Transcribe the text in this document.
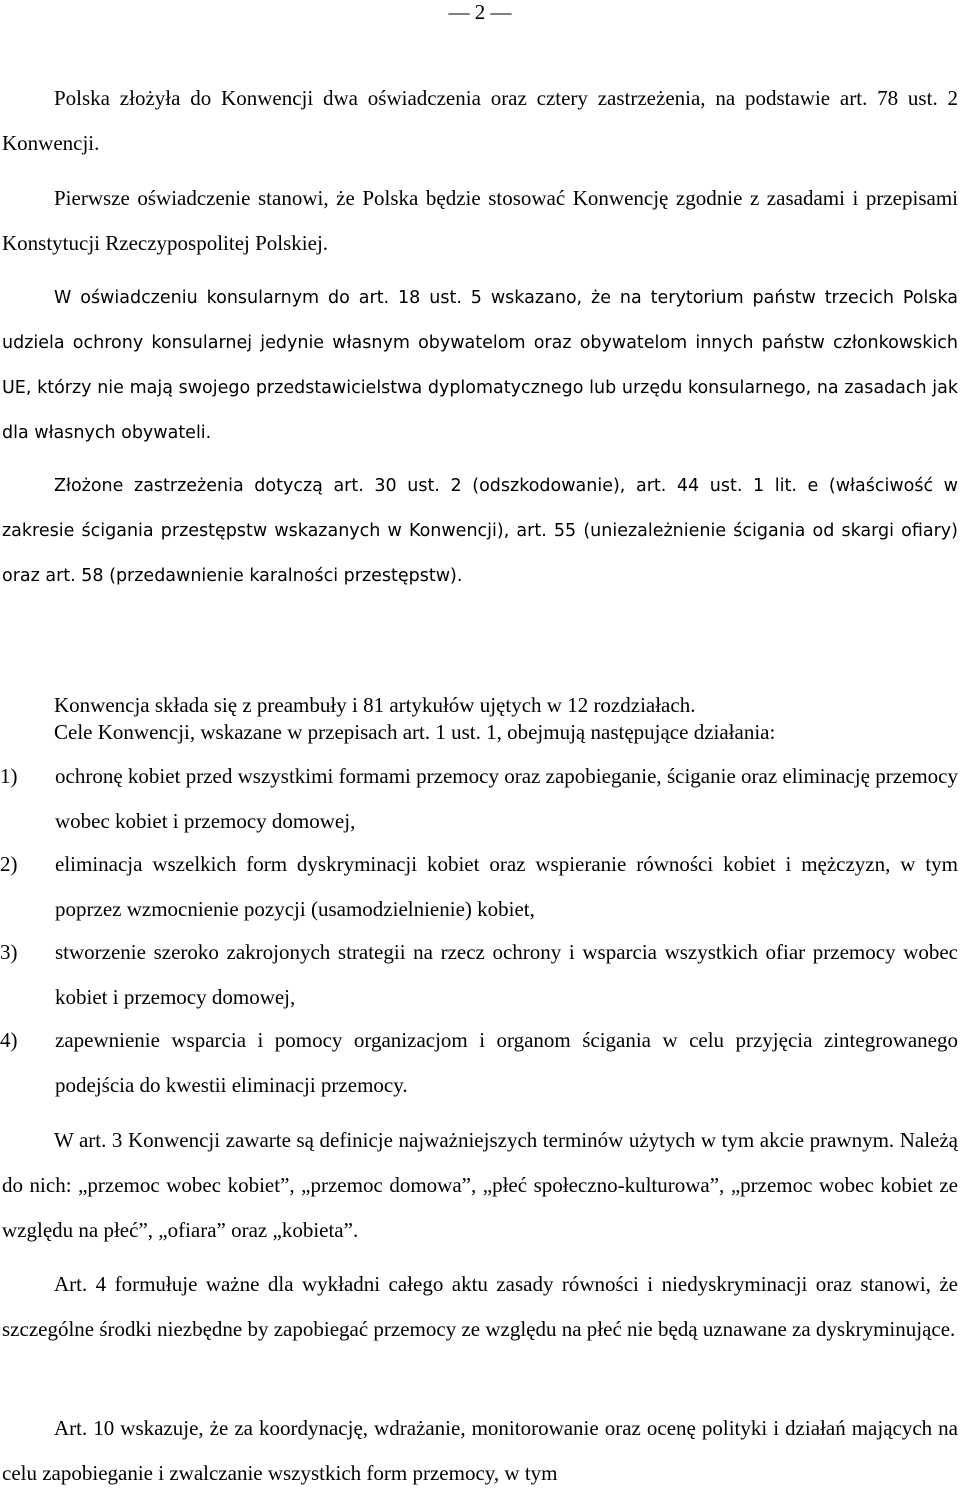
— 2 —

Polska złożyła do Konwencji dwa oświadczenia oraz cztery zastrzeżenia, na podstawie art. 78 ust. 2 Konwencji.

Pierwsze oświadczenie stanowi, że Polska będzie stosować Konwencję zgodnie z zasadami i przepisami Konstytucji Rzeczypospolitej Polskiej.

W oświadczeniu konsularnym do art. 18 ust. 5 wskazano, że na terytorium państw trzecich Polska udziela ochrony konsularnej jedynie własnym obywatelom oraz obywatelom innych państw członkowskich UE, którzy nie mają swojego przedstawicielstwa dyplomatycznego lub urzędu konsularnego, na zasadach jak dla własnych obywateli.

Złożone zastrzeżenia dotyczą art. 30 ust. 2 (odszkodowanie), art. 44 ust. 1 lit. e (właściwość w zakresie ścigania przestępstw wskazanych w Konwencji), art. 55 (uniezależnienie ścigania od skargi ofiary) oraz art. 58 (przedawnienie karalności przestępstw).

Konwencja składa się z preambuły i 81 artykułów ujętych w 12 rozdziałach.

Cele Konwencji, wskazane w przepisach art. 1 ust. 1, obejmują następujące działania:

1)	ochronę kobiet przed wszystkimi formami przemocy oraz zapobieganie, ściganie oraz eliminację przemocy wobec kobiet i przemocy domowej,
2)	eliminacja wszelkich form dyskryminacji kobiet oraz wspieranie równości kobiet i mężczyzn, w tym poprzez wzmocnienie pozycji (usamodzielnienie) kobiet,
3)	stworzenie szeroko zakrojonych strategii na rzecz ochrony i wsparcia wszystkich ofiar przemocy wobec kobiet i przemocy domowej,
4)	zapewnienie wsparcia i pomocy organizacjom i organom ścigania w celu przyjęcia zintegrowanego podejścia do kwestii eliminacji przemocy.

W art. 3 Konwencji zawarte są definicje najważniejszych terminów użytych w tym akcie prawnym. Należą do nich: „przemoc wobec kobiet”, „przemoc domowa”, „płeć społeczno-kulturowa”, „przemoc wobec kobiet ze względu na płeć”, „ofiara” oraz „kobieta”.

Art. 4 formułuje ważne dla wykładni całego aktu zasady równości i niedyskryminacji oraz stanowi, że szczególne środki niezbędne by zapobiegać przemocy ze względu na płeć nie będą uznawane za dyskryminujące.

Art. 10 wskazuje, że za koordynację, wdrażanie, monitorowanie oraz ocenę polityki i działań mających na celu zapobieganie i zwalczanie wszystkich form przemocy, w tym
